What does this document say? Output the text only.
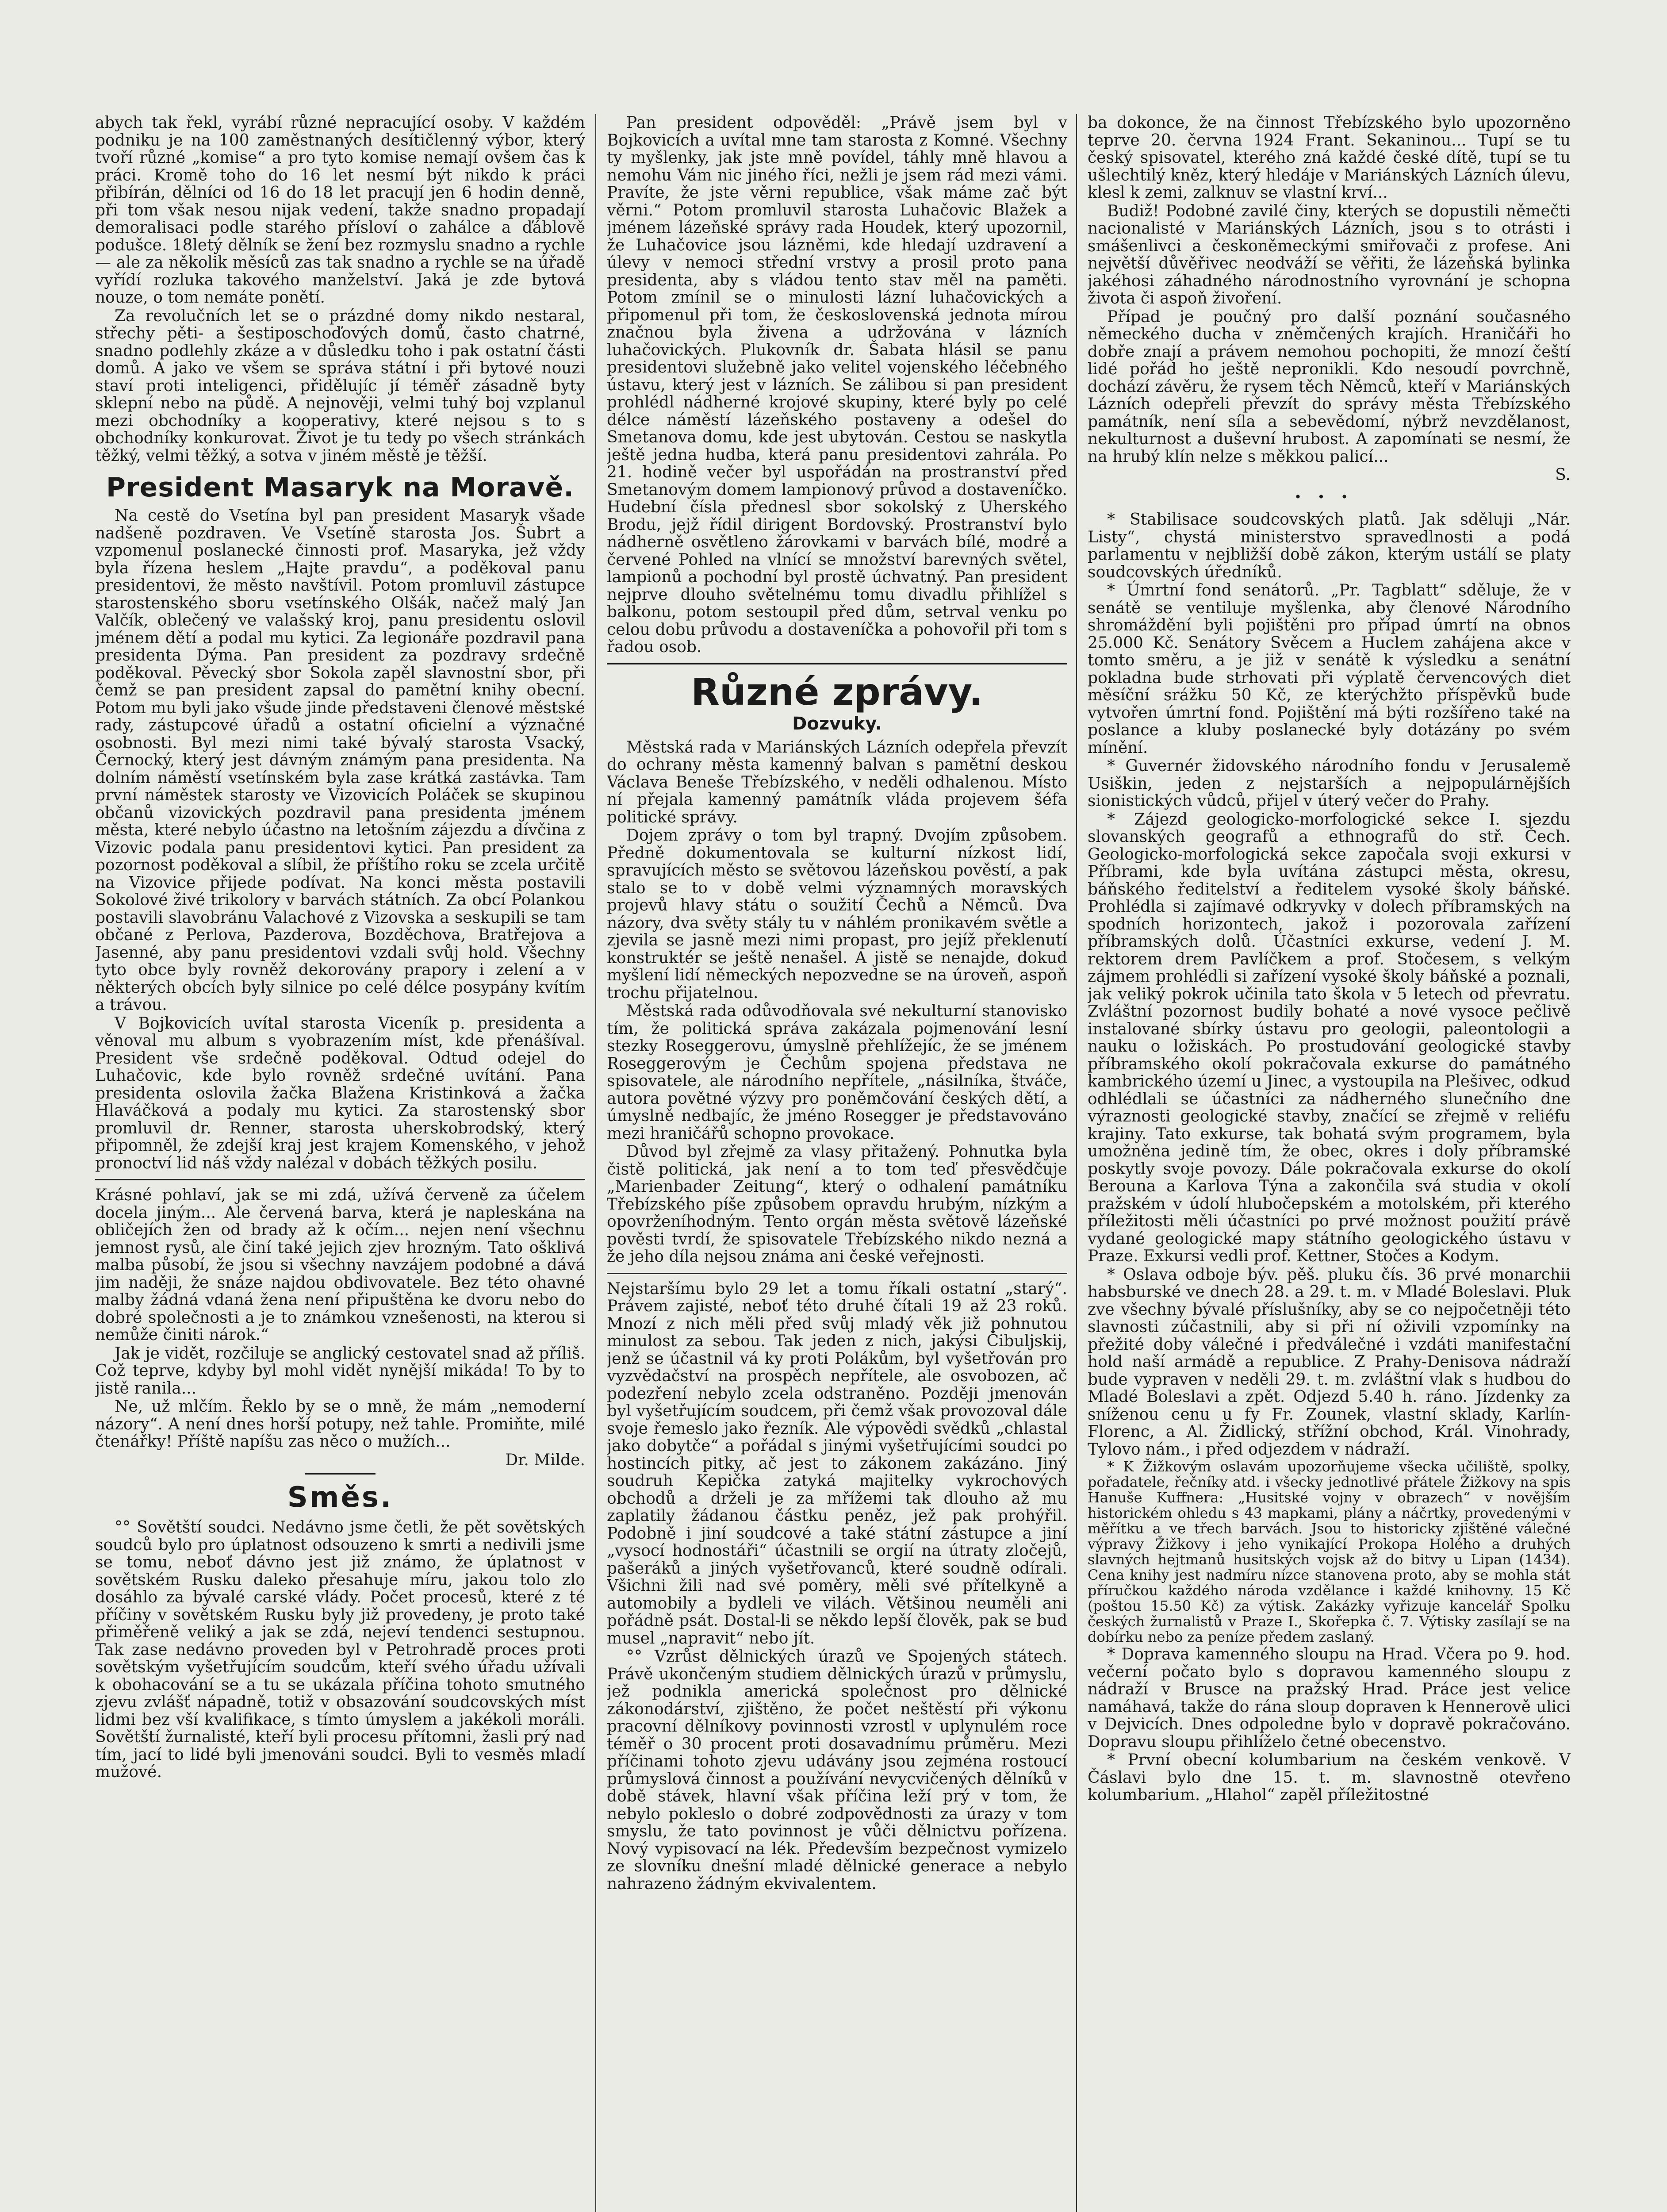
abych tak řekl, vyrábí různé nepracující osoby. V každém podniku je na 100 zaměstnaných desítičlenný výbor, který tvoří různé „komise“ a pro tyto komise nemají ovšem čas k práci. Kromě toho do 16 let nesmí být nikdo k práci přibírán, dělníci od 16 do 18 let pracují jen 6 hodin denně, při tom však nesou nijak vedení, takže snadno propadají demoralisaci podle starého přísloví o zahálce a ďáblově podušce. 18letý dělník se žení bez rozmyslu snadno a rychle — ale za několik měsíců zas tak snadno a rychle se na úřadě vyřídí rozluka takového manželství. Jaká je zde bytová nouze, o tom nemáte ponětí.

Za revolučních let se o prázdné domy nikdo nestaral, střechy pěti- a šestiposchoďových domů, často chatrné, snadno podlehly zkáze a v důsledku toho i pak ostatní části domů. A jako ve všem se správa státní i při bytové nouzi staví proti inteligenci, přidělujíc jí téměř zásadně byty sklepní nebo na půdě. A nejnověji, velmi tuhý boj vzplanul mezi obchodníky a kooperativy, které nejsou s to s obchodníky konkurovat. Život je tu tedy po všech stránkách těžký, velmi těžký, a sotva v jiném městě je těžší.

President Masaryk na Moravě.

Na cestě do Vsetína byl pan president Masaryk všade nadšeně pozdraven. Ve Vsetíně starosta Jos. Šubrt a vzpomenul poslanecké činnosti prof. Masaryka, jež vždy byla řízena heslem „Hajte pravdu“, a poděkoval panu presidentovi, že město navštívil. Potom promluvil zástupce starostenského sboru vsetínského Olšák, načež malý Jan Valčík, oblečený ve valašský kroj, panu presidentu oslovil jménem dětí a podal mu kytici. Za legionáře pozdravil pana presidenta Dýma. Pan president za pozdravy srdečně poděkoval. Pěvecký sbor Sokola zapěl slavnostní sbor, při čemž se pan president zapsal do pamětní knihy obecní. Potom mu byli jako všude jinde představeni členové městské rady, zástupcové úřadů a ostatní oficielní a význačné osobnosti. Byl mezi nimi také bývalý starosta Vsacký, Černocký, který jest dávným známým pana presidenta. Na dolním náměstí vsetínském byla zase krátká zastávka. Tam první náměstek starosty ve Vizovicích Poláček se skupinou občanů vizovických pozdravil pana presidenta jménem města, které nebylo účastno na letošním zájezdu a dívčina z Vizovic podala panu presidentovi kytici. Pan president za pozornost poděkoval a slíbil, že příštího roku se zcela určitě na Vizovice přijede podívat. Na konci města postavili Sokolové živé trikolory v barvách státních. Za obcí Polankou postavili slavobránu Valachové z Vizovska a seskupili se tam občané z Perlova, Pazderova, Bozděchova, Bratřejova a Jasenné, aby panu presidentovi vzdali svůj hold. Všechny tyto obce byly rovněž dekorovány prapory i zelení a v některých obcích byly silnice po celé délce posypány kvítím a trávou.

V Bojkovicích uvítal starosta Viceník p. presidenta a věnoval mu album s vyobrazením míst, kde přenášíval. President vše srdečně poděkoval. Odtud odejel do Luhačovic, kde bylo rovněž srdečné uvítání. Pana presidenta oslovila žačka Blažena Kristinková a žačka Hlaváčková a podaly mu kytici. Za starostenský sbor promluvil dr. Renner, starosta uherskobrodský, který připomněl, že zdejší kraj jest krajem Komenského, v jehož pronoctví lid náš vždy nalézal v dobách těžkých posilu.

Krásné pohlaví, jak se mi zdá, užívá červeně za účelem docela jiným... Ale červená barva, která je napleskána na obličejích žen od brady až k očím... nejen není všechnu jemnost rysů, ale činí také jejich zjev hrozným. Tato ošklivá malba působí, že jsou si všechny navzájem podobné a dává jim naději, že snáze najdou obdivovatele. Bez této ohavné malby žádná vdaná žena není připuštěna ke dvoru nebo do dobré společnosti a je to známkou vznešenosti, na kterou si nemůže činiti nárok.“

Jak je vidět, rozčiluje se anglický cestovatel snad až příliš. Což teprve, kdyby byl mohl vidět nynější mikáda! To by to jistě ranila...

Ne, už mlčím. Řeklo by se o mně, že mám „nemoderní názory“. A není dnes horší potupy, než tahle. Promiňte, milé čtenářky! Příště napíšu zas něco o mužích...

Dr. Milde.
Směs.

°° Sovětští soudci. Nedávno jsme četli, že pět sovětských soudců bylo pro úplatnost odsouzeno k smrti a nedivili jsme se tomu, neboť dávno jest již známo, že úplatnost v sovětském Rusku daleko přesahuje míru, jakou tolo zlo dosáhlo za bývalé carské vlády. Počet procesů, které z té příčiny v sovětském Rusku byly již provedeny, je proto také přiměřeně veliký a jak se zdá, nejeví tendenci sestupnou. Tak zase nedávno proveden byl v Petrohradě proces proti sovětským vyšetřujícím soudcům, kteří svého úřadu užívali k obohacování se a tu se ukázala příčina tohoto smutného zjevu zvlášť nápadně, totiž v obsazování soudcovských míst lidmi bez vší kvalifikace, s tímto úmyslem a jakékoli moráli. Sovětští žurnalisté, kteří byli procesu přítomni, žasli prý nad tím, jací to lidé byli jmenováni soudci. Byli to vesměs mladí mužové.

Pan president odpověděl: „Právě jsem byl v Bojkovicích a uvítal mne tam starosta z Komné. Všechny ty myšlenky, jak jste mně povídel, táhly mně hlavou a nemohu Vám nic jiného říci, nežli je jsem rád mezi vámi. Pravíte, že jste věrni republice, však máme zač být věrni.“ Potom promluvil starosta Luhačovic Blažek a jménem lázeňské správy rada Houdek, který upozornil, že Luhačovice jsou lázněmi, kde hledají uzdravení a úlevy v nemoci střední vrstvy a prosil proto pana presidenta, aby s vládou tento stav měl na paměti. Potom zmínil se o minulosti lázní luhačovických a připomenul při tom, že československá jednota mírou značnou byla živena a udržována v lázních luhačovických. Plukovník dr. Šabata hlásil se panu presidentovi služebně jako velitel vojenského léčebného ústavu, který jest v lázních. Se zálibou si pan president prohlédl nádherné krojové skupiny, které byly po celé délce náměstí lázeňského postaveny a odešel do Smetanova domu, kde jest ubytován. Cestou se naskytla ještě jedna hudba, která panu presidentovi zahrála. Po 21. hodině večer byl uspořádán na prostranství před Smetanovým domem lampionový průvod a dostaveníčko. Hudební čísla přednesl sbor sokolský z Uherského Brodu, jejž řídil dirigent Bordovský. Prostranství bylo nádherně osvětleno žárovkami v barvách bílé, modré a červené Pohled na vlnící se množství barevných světel, lampionů a pochodní byl prostě úchvatný. Pan president nejprve dlouho světelnému tomu divadlu přihlížel s balkonu, potom sestoupil před dům, setrval venku po celou dobu průvodu a dostaveníčka a pohovořil při tom s řadou osob.

Různé zprávy.
Dozvuky.

Městská rada v Mariánských Lázních odepřela převzít do ochrany města kamenný balvan s pamětní deskou Václava Beneše Třebízského, v neděli odhalenou. Místo ní přejala kamenný památník vláda projevem šéfa politické správy.

Dojem zprávy o tom byl trapný. Dvojím způsobem. Předně dokumentovala se kulturní nízkost lidí, spravujících město se světovou lázeňskou pověstí, a pak stalo se to v době velmi významných moravských projevů hlavy státu o soužití Čechů a Němců. Dva názory, dva světy stály tu v náhlém pronikavém světle a zjevila se jasně mezi nimi propast, pro jejíž překlenutí konstruktér se ještě nenašel. A jistě se nenajde, dokud myšlení lidí německých nepozvedne se na úroveň, aspoň trochu přijatelnou.

Městská rada odůvodňovala své nekulturní stanovisko tím, že politická správa zakázala pojmenování lesní stezky Roseggerovu, úmyslně přehlížejíc, že se jménem Roseggerovým je Čechům spojena představa ne spisovatele, ale národního nepřítele, „násilníka, štváče, autora povětné výzvy pro poněmčování českých dětí, a úmyslně nedbajíc, že jméno Rosegger je představováno mezi hraničářů schopno provokace.

Důvod byl zřejmě za vlasy přitažený. Pohnutka byla čistě politická, jak není a to tom teď přesvědčuje „Marienbader Zeitung“, který o odhalení památníku Třebízského píše způsobem opravdu hrubým, nízkým a opovrženíhodným. Tento orgán města světově lázeňské pověsti tvrdí, že spisovatele Třebízského nikdo nezná a že jeho díla nejsou známa ani české veřejnosti.

Nejstaršímu bylo 29 let a tomu říkali ostatní „starý“. Právem zajisté, neboť této druhé čítali 19 až 23 roků. Mnozí z nich měli před svůj mladý věk již pohnutou minulost za sebou. Tak jeden z nich, jakýsi Čibuljskij, jenž se účastnil vá ky proti Polákům, byl vyšetřován pro vyzvědačství na prospěch nepřítele, ale osvobozen, ač podezření nebylo zcela odstraněno. Později jmenován byl vyšetřujícím soudcem, při čemž však provozoval dále svoje řemeslo jako řezník. Ale výpovědi svědků „chlastal jako dobytče“ a pořádal s jinými vyšetřujícími soudci po hostincích pitky, ač jest to zákonem zakázáno. Jiný soudruh Kepička zatyká majitelky vykrochových obchodů a drželi je za mřížemi tak dlouho až mu zaplatily žádanou částku peněz, jež pak prohýřil. Podobně i jiní soudcové a také státní zástupce a jiní „vysocí hodnostáři“ účastnili se orgií na útraty zločejů, pašeráků a jiných vyšetřovanců, které soudně odírali. Všichni žili nad své poměry, měli své přítelkyně a automobily a bydleli ve vilách. Většinou neuměli ani pořádně psát. Dostal-li se někdo lepší člověk, pak se buď musel „napravit“ nebo jít.

°° Vzrůst dělnických úrazů ve Spojených státech. Právě ukončeným studiem dělnických úrazů v průmyslu, jež podnikla americká společnost pro dělnické zákonodárství, zjištěno, že počet neštěstí při výkonu pracovní dělníkovy povinnosti vzrostl v uplynulém roce téměř o 30 procent proti dosavadnímu průměru. Mezi příčinami tohoto zjevu udávány jsou zejména rostoucí průmyslová činnost a používání nevycvičených dělníků v době stávek, hlavní však příčina leží prý v tom, že nebylo pokleslo o dobré zodpovědnosti za úrazy v tom smyslu, že tato povinnost je vůči dělnictvu pořízena. Nový vypisovací na lék. Především bezpečnost vymizelo ze slovníku dnešní mladé dělnické generace a nebylo nahrazeno žádným ekvivalentem.

ba dokonce, že na činnost Třebízského bylo upozorněno teprve 20. června 1924 Frant. Sekaninou... Tupí se tu český spisovatel, kterého zná každé české dítě, tupí se tu ušlechtilý kněz, který hledáje v Mariánských Lázních úlevu, klesl k zemi, zalknuv se vlastní krví...

Budiž! Podobné zavilé činy, kterých se dopustili němečti nacionalisté v Mariánských Lázních, jsou s to otrásti i smášenlivci a českoněmeckými smiřovači z profese. Ani největší důvěřivec neodváží se věřiti, že lázeňská bylinka jakéhosi záhadného národnostního vyrovnání je schopna života či aspoň živoření.

Případ je poučný pro další poznání současného německého ducha v zněmčených krajích. Hraničáři ho dobře znají a právem nemohou pochopiti, že mnozí čeští lidé pořád ho ještě nepronikli. Kdo nesoudí povrchně, dochází závěru, že rysem těch Němců, kteří v Mariánských Lázních odepřeli převzít do správy města Třebízského památník, není síla a sebevědomí, nýbrž nevzdělanost, nekulturnost a duševní hrubost. A zapomínati se nesmí, že na hrubý klín nelze s měkkou palicí...

S.
•••

* Stabilisace soudcovských platů. Jak sděluji „Nár. Listy“, chystá ministerstvo spravedlnosti a podá parlamentu v nejbližší době zákon, kterým ustálí se platy soudcovských úředníků.

* Úmrtní fond senátorů. „Pr. Tagblatt“ sděluje, že v senátě se ventiluje myšlenka, aby členové Národního shromáždění byli pojištěni pro případ úmrtí na obnos 25.000 Kč. Senátory Svěcem a Huclem zahájena akce v tomto směru, a je již v senátě k výsledku a senátní pokladna bude strhovati při výplatě červencových diet měsíční srážku 50 Kč, ze kterýchžto příspěvků bude vytvořen úmrtní fond. Pojištění má býti rozšířeno také na poslance a kluby poslanecké byly dotázány po svém mínění.

* Guvernér židovského národního fondu v Jerusalemě Usiškin, jeden z nejstarších a nejpopulárnějších sionistických vůdců, přijel v úterý večer do Prahy.

* Zájezd geologicko-morfologické sekce I. sjezdu slovanských geografů a ethnografů do stř. Čech. Geologicko-morfologická sekce započala svoji exkursi v Příbrami, kde byla uvítána zástupci města, okresu, báňského ředitelství a ředitelem vysoké školy báňské. Prohlédla si zajímavé odkryvky v dolech příbramských na spodních horizontech, jakož i pozorovala zařízení příbramských dolů. Účastníci exkurse, vedení J. M. rektorem drem Pavlíčkem a prof. Stočesem, s velkým zájmem prohlédli si zařízení vysoké školy báňské a poznali, jak veliký pokrok učinila tato škola v 5 letech od převratu. Zvláštní pozornost budily bohaté a nové vysoce pečlivě instalované sbírky ústavu pro geologii, paleontologii a nauku o ložiskách. Po prostudování geologické stavby příbramského okolí pokračovala exkurse do památného kambrického území u Jinec, a vystoupila na Plešivec, odkud odhlédlali se účastníci za nádherného slunečního dne výraznosti geologické stavby, značící se zřejmě v reliéfu krajiny. Tato exkurse, tak bohatá svým programem, byla umožněna jedině tím, že obec, okres i doly příbramské poskytly svoje povozy. Dále pokračovala exkurse do okolí Berouna a Karlova Týna a zakončila svá studia v okolí pražském v údolí hlubočepském a motolském, při kterého příležitosti měli účastníci po prvé možnost použití právě vydané geologické mapy státního geologického ústavu v Praze. Exkursi vedli prof. Kettner, Stočes a Kodym.

* Oslava odboje býv. pěš. pluku čís. 36 prvé monarchii habsburské ve dnech 28. a 29. t. m. v Mladé Boleslavi. Pluk zve všechny bývalé příslušníky, aby se co nejpočetněji této slavnosti zúčastnili, aby si při ní oživili vzpomínky na přežité doby válečné i předválečné i vzdáti manifestační hold naší armádě a republice. Z Prahy-Denisova nádraží bude vypraven v neděli 29. t. m. zvláštní vlak s hudbou do Mladé Boleslavi a zpět. Odjezd 5.40 h. ráno. Jízdenky za sníženou cenu u fy Fr. Zounek, vlastní sklady, Karlín-Florenc, a Al. Židlický, střížní obchod, Král. Vinohrady, Tylovo nám., i před odjezdem v nádraží.

* K Žižkovým oslavám upozorňujeme všecka učiliště, spolky, pořadatele, řečníky atd. i všecky jednotlivé přátele Žižkovy na spis Hanuše Kuffnera: „Husitské vojny v obrazech“ v novějším historickém ohledu s 43 mapkami, plány a náčrtky, provedenými v měřítku a ve třech barvách. Jsou to historicky zjištěné válečné výpravy Žižkovy i jeho vynikající Prokopa Holého a druhých slavných hejtmanů husitských vojsk až do bitvy u Lipan (1434). Cena knihy jest nadmíru nízce stanovena proto, aby se mohla stát příručkou každého národa vzdělance i každé knihovny. 15 Kč (poštou 15.50 Kč) za výtisk. Zakázky vyřizuje kancelář Spolku českých žurnalistů v Praze I., Skořepka č. 7. Výtisky zasílají se na dobírku nebo za peníze předem zaslaný.

* Doprava kamenného sloupu na Hrad. Včera po 9. hod. večerní počato bylo s dopravou kamenného sloupu z nádraží v Brusce na pražský Hrad. Práce jest velice namáhavá, takže do rána sloup dopraven k Hennerově ulici v Dejvicích. Dnes odpoledne bylo v dopravě pokračováno. Dopravu sloupu přihlíželo četné obecenstvo.

* První obecní kolumbarium na českém venkově. V Čáslavi bylo dne 15. t. m. slavnostně otevřeno kolumbarium. „Hlahol“ zapěl příležitostné
